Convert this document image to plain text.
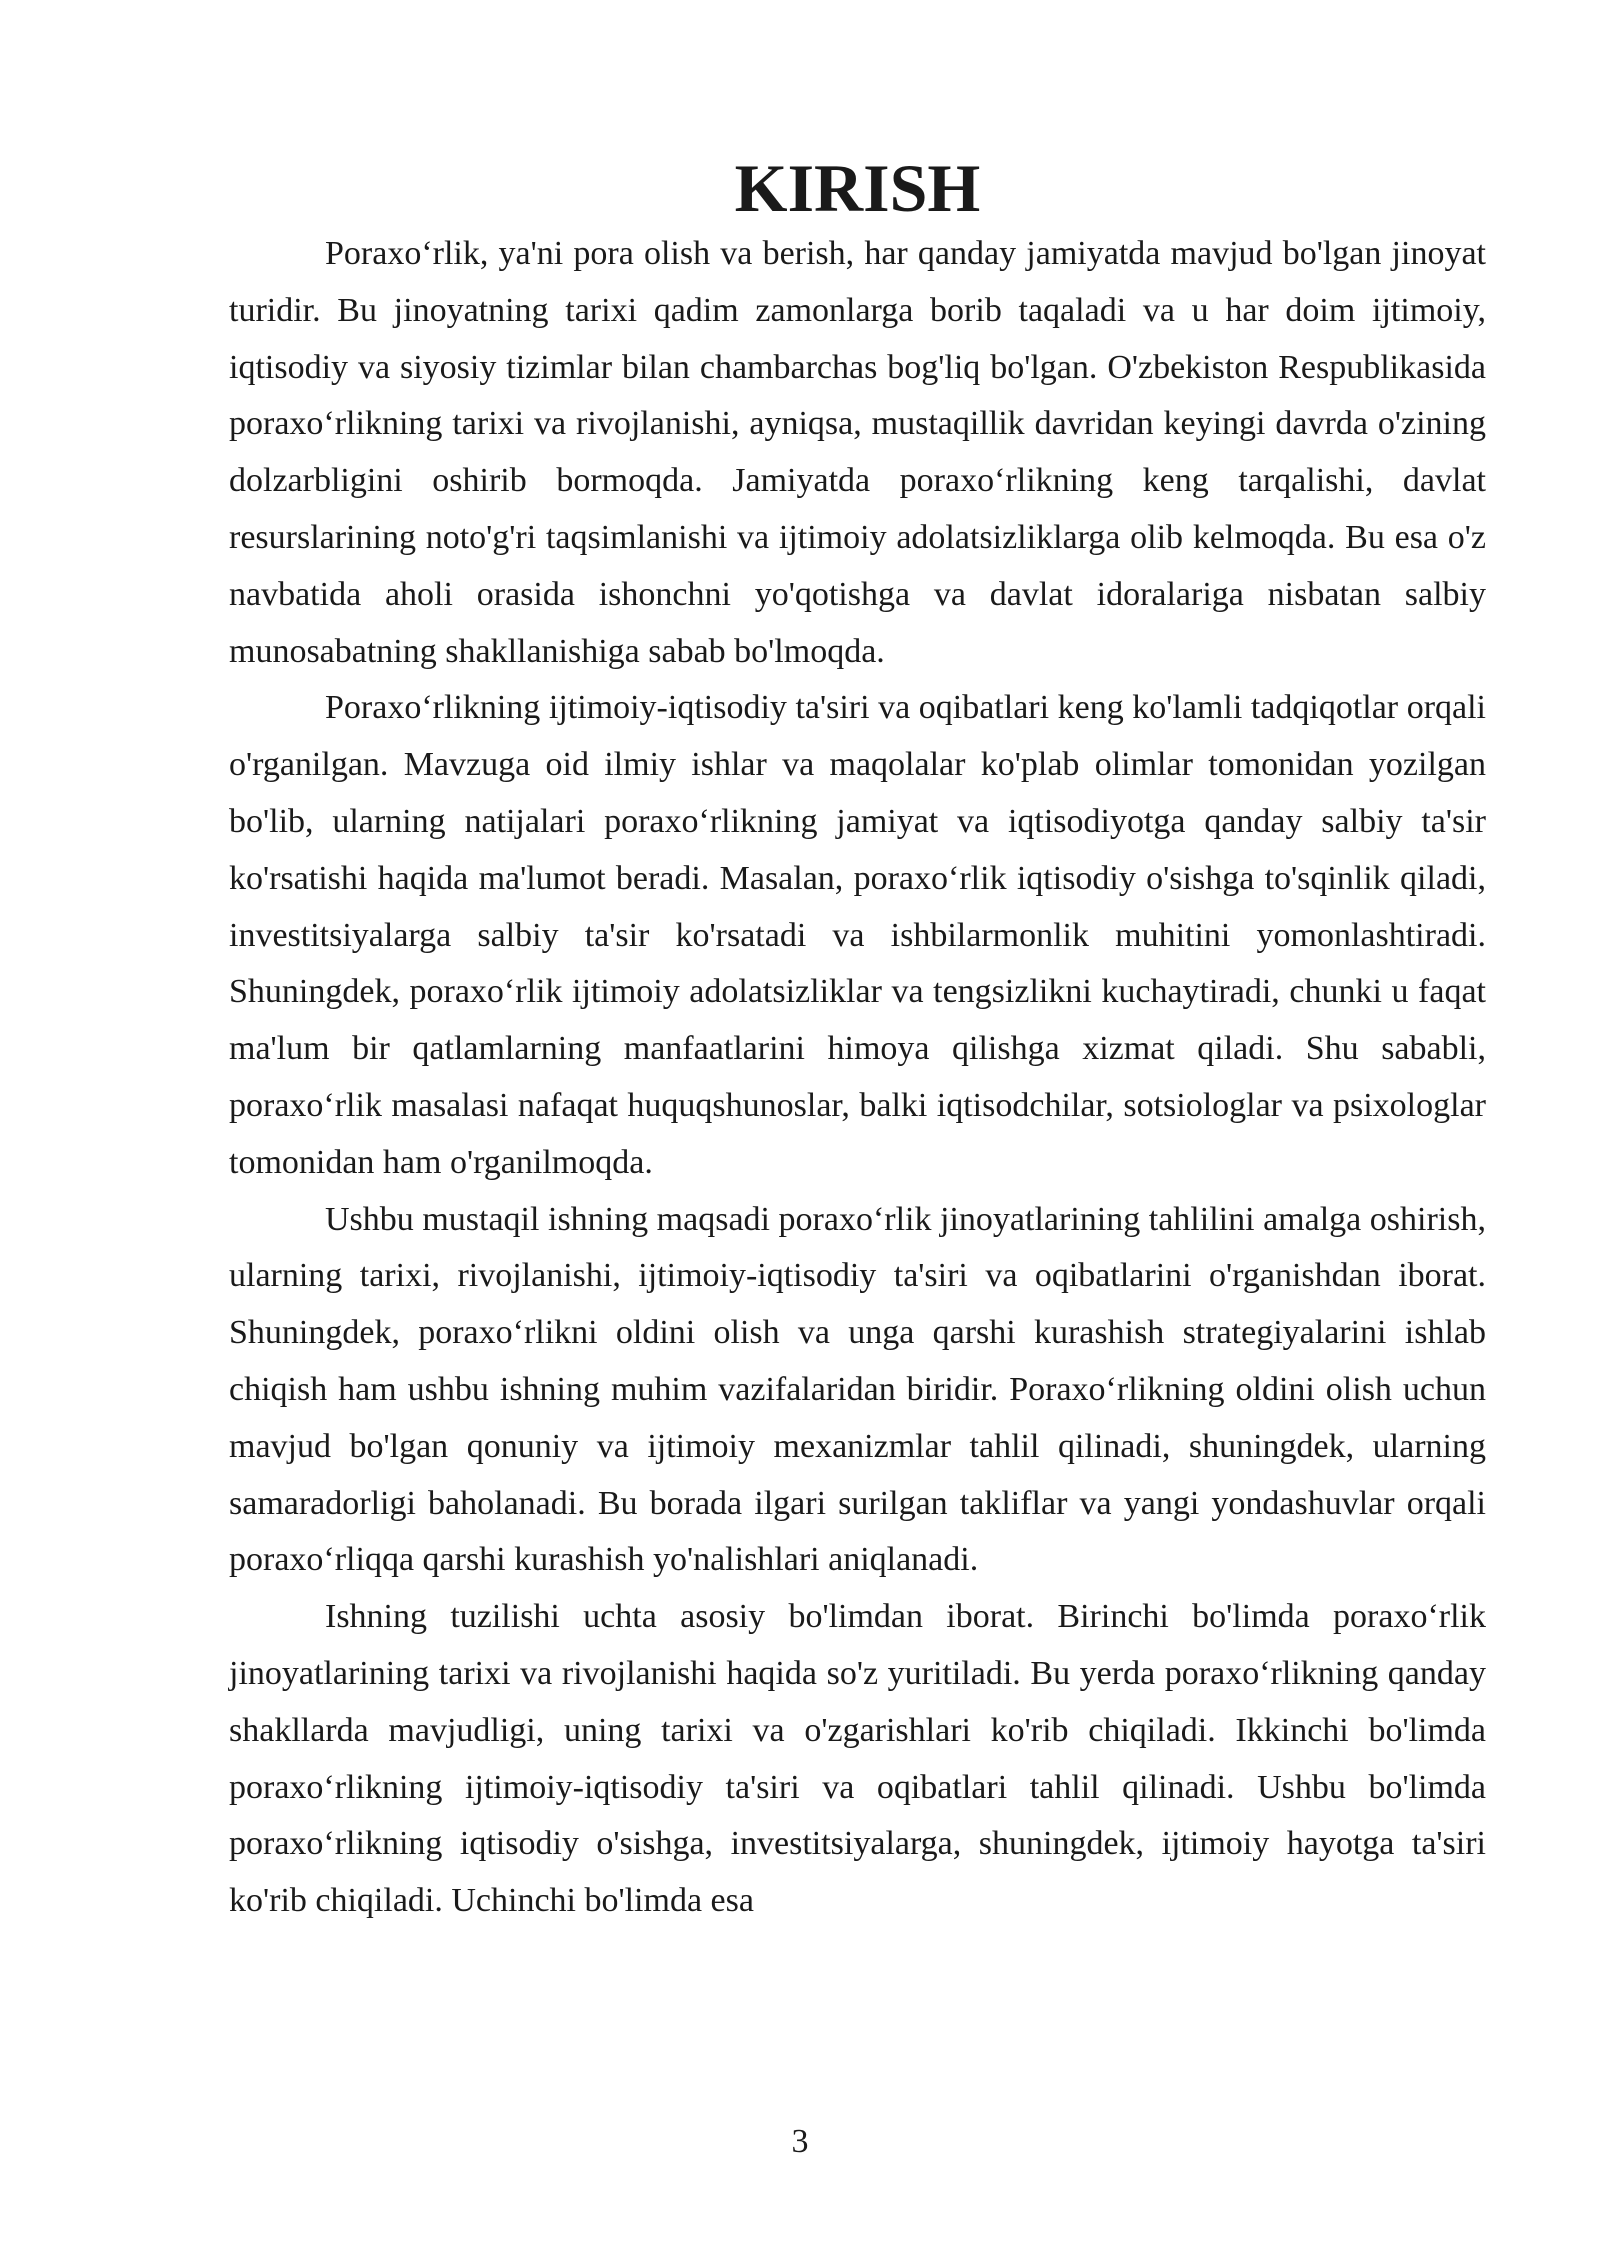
KIRISH

Poraxo‘rlik, ya'ni pora olish va berish, har qanday jamiyatda mavjud bo'lgan jinoyat turidir. Bu jinoyatning tarixi qadim zamonlarga borib taqaladi va u har doim ijtimoiy, iqtisodiy va siyosiy tizimlar bilan chambarchas bog'liq bo'lgan. O'zbekiston Respublikasida poraxo‘rlikning tarixi va rivojlanishi, ayniqsa, mustaqillik davridan keyingi davrda o'zining dolzarbligini oshirib bormoqda. Jamiyatda poraxo‘rlikning keng tarqalishi, davlat resurslarining noto'g'ri taqsimlanishi va ijtimoiy adolatsizliklarga olib kelmoqda. Bu esa o'z navbatida aholi orasida ishonchni yo'qotishga va davlat idoralariga nisbatan salbiy munosabatning shakllanishiga sabab bo'lmoqda.

Poraxo‘rlikning ijtimoiy-iqtisodiy ta'siri va oqibatlari keng ko'lamli tadqiqotlar orqali o'rganilgan. Mavzuga oid ilmiy ishlar va maqolalar ko'plab olimlar tomonidan yozilgan bo'lib, ularning natijalari poraxo‘rlikning jamiyat va iqtisodiyotga qanday salbiy ta'sir ko'rsatishi haqida ma'lumot beradi. Masalan, poraxo‘rlik iqtisodiy o'sishga to'sqinlik qiladi, investitsiyalarga salbiy ta'sir ko'rsatadi va ishbilarmonlik muhitini yomonlashtiradi. Shuningdek, poraxo‘rlik ijtimoiy adolatsizliklar va tengsizlikni kuchaytiradi, chunki u faqat ma'lum bir qatlamlarning manfaatlarini himoya qilishga xizmat qiladi. Shu sababli, poraxo‘rlik masalasi nafaqat huquqshunoslar, balki iqtisodchilar, sotsiologlar va psixologlar tomonidan ham o'rganilmoqda.

Ushbu mustaqil ishning maqsadi poraxo‘rlik jinoyatlarining tahlilini amalga oshirish, ularning tarixi, rivojlanishi, ijtimoiy-iqtisodiy ta'siri va oqibatlarini o'rganishdan iborat. Shuningdek, poraxo‘rlikni oldini olish va unga qarshi kurashish strategiyalarini ishlab chiqish ham ushbu ishning muhim vazifalaridan biridir. Poraxo‘rlikning oldini olish uchun mavjud bo'lgan qonuniy va ijtimoiy mexanizmlar tahlil qilinadi, shuningdek, ularning samaradorligi baholanadi. Bu borada ilgari surilgan takliflar va yangi yondashuvlar orqali poraxo‘rliqqa qarshi kurashish yo'nalishlari aniqlanadi.

Ishning tuzilishi uchta asosiy bo'limdan iborat. Birinchi bo'limda poraxo‘rlik jinoyatlarining tarixi va rivojlanishi haqida so'z yuritiladi. Bu yerda poraxo‘rlikning qanday shakllarda mavjudligi, uning tarixi va o'zgarishlari ko'rib chiqiladi. Ikkinchi bo'limda poraxo‘rlikning ijtimoiy-iqtisodiy ta'siri va oqibatlari tahlil qilinadi. Ushbu bo'limda poraxo‘rlikning iqtisodiy o'sishga, investitsiyalarga, shuningdek, ijtimoiy hayotga ta'siri ko'rib chiqiladi. Uchinchi bo'limda esa

3
